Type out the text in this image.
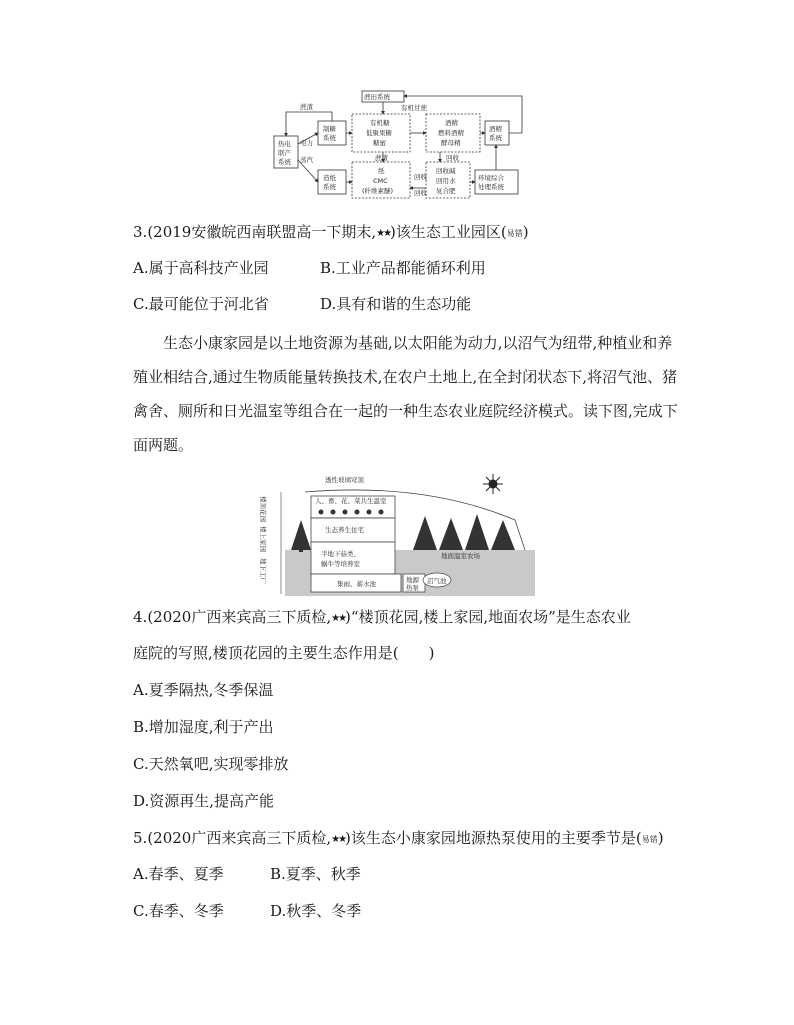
有机甘蔗
蔗渣
电力
蒸汽	蔗渣	回收
回收
回收
蔗田系统
热电
联产
系统
制糖
系统
有机糖
低聚果糖
糖蜜
酒精
燃料酒精
酵母精
酒精
系统
造纸
系统
纸
CMC
(纤维素醚)
回收碱
回用水
复合肥
环境综合
处理系统
3.(2019安徽皖西南联盟高一下期末,★★)该生态工业园区(易错)
A.属于高科技产业园	B.工业产品都能循环利用
C.最可能位于河北省	D.具有和谐的生态功能
生态小康家园是以土地资源为基础,以太阳能为动力,以沼气为纽带,种植业和养殖业相结合,通过生物质能量转换技术,在农户土地上,在全封闭状态下,将沼气池、猪禽舍、厕所和日光温室等组合在一起的一种生态农业庭院经济模式。读下图,完成下面两题。
透性玻璃穹顶
人、畜、花、菜共生温室
生态养生住宅
半地下菇类、
蜗牛等培养室
地面温室农场
沼气池
集雨、蓄水池	地源
热泵
楼顶花园
楼上家园
地下工厂
4.(2020广西来宾高三下质检,★★)“楼顶花园,楼上家园,地面农场”是生态农业
庭院的写照,楼顶花园的主要生态作用是(　　)
A.夏季隔热,冬季保温
B.增加湿度,利于产出
C.天然氧吧,实现零排放
D.资源再生,提高产能
5.(2020广西来宾高三下质检,★★)该生态小康家园地源热泵使用的主要季节是(易错)
A.春季、夏季	B.夏季、秋季
C.春季、冬季	D.秋季、冬季
